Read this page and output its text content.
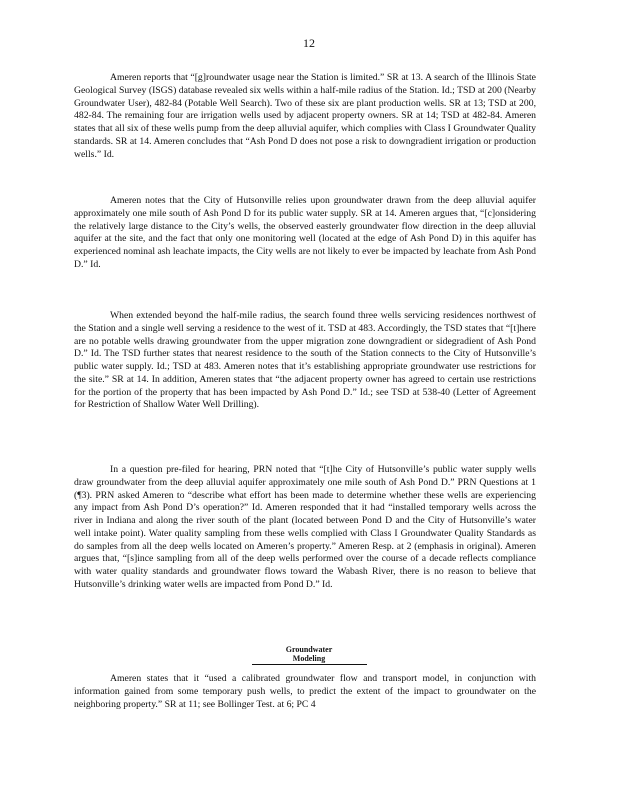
12

Ameren reports that “[g]roundwater usage near the Station is limited.” SR at 13. A search of the Illinois State Geological Survey (ISGS) database revealed six wells within a half-mile radius of the Station. Id.; TSD at 200 (Nearby Groundwater User), 482-84 (Potable Well Search). Two of these six are plant production wells. SR at 13; TSD at 200, 482-84. The remaining four are irrigation wells used by adjacent property owners. SR at 14; TSD at 482-84. Ameren states that all six of these wells pump from the deep alluvial aquifer, which complies with Class I Groundwater Quality standards. SR at 14. Ameren concludes that “Ash Pond D does not pose a risk to downgradient irrigation or production wells.” Id.

Ameren notes that the City of Hutsonville relies upon groundwater drawn from the deep alluvial aquifer approximately one mile south of Ash Pond D for its public water supply. SR at 14. Ameren argues that, “[c]onsidering the relatively large distance to the City’s wells, the observed easterly groundwater flow direction in the deep alluvial aquifer at the site, and the fact that only one monitoring well (located at the edge of Ash Pond D) in this aquifer has experienced nominal ash leachate impacts, the City wells are not likely to ever be impacted by leachate from Ash Pond D.” Id.

When extended beyond the half-mile radius, the search found three wells servicing residences northwest of the Station and a single well serving a residence to the west of it. TSD at 483. Accordingly, the TSD states that “[t]here are no potable wells drawing groundwater from the upper migration zone downgradient or sidegradient of Ash Pond D.” Id. The TSD further states that nearest residence to the south of the Station connects to the City of Hutsonville’s public water supply. Id.; TSD at 483. Ameren notes that it’s establishing appropriate groundwater use restrictions for the site.” SR at 14. In addition, Ameren states that “the adjacent property owner has agreed to certain use restrictions for the portion of the property that has been impacted by Ash Pond D.” Id.; see TSD at 538-40 (Letter of Agreement for Restriction of Shallow Water Well Drilling).

In a question pre-filed for hearing, PRN noted that “[t]he City of Hutsonville’s public water supply wells draw groundwater from the deep alluvial aquifer approximately one mile south of Ash Pond D.” PRN Questions at 1 (¶3). PRN asked Ameren to “describe what effort has been made to determine whether these wells are experiencing any impact from Ash Pond D’s operation?” Id. Ameren responded that it had “installed temporary wells across the river in Indiana and along the river south of the plant (located between Pond D and the City of Hutsonville’s water well intake point). Water quality sampling from these wells complied with Class I Groundwater Quality Standards as do samples from all the deep wells located on Ameren’s property.” Ameren Resp. at 2 (emphasis in original). Ameren argues that, “[s]ince sampling from all of the deep wells performed over the course of a decade reflects compliance with water quality standards and groundwater flows toward the Wabash River, there is no reason to believe that Hutsonville’s drinking water wells are impacted from Pond D.” Id.

Groundwater Modeling

Ameren states that it “used a calibrated groundwater flow and transport model, in conjunction with information gained from some temporary push wells, to predict the extent of the impact to groundwater on the neighboring property.” SR at 11; see Bollinger Test. at 6; PC 4
